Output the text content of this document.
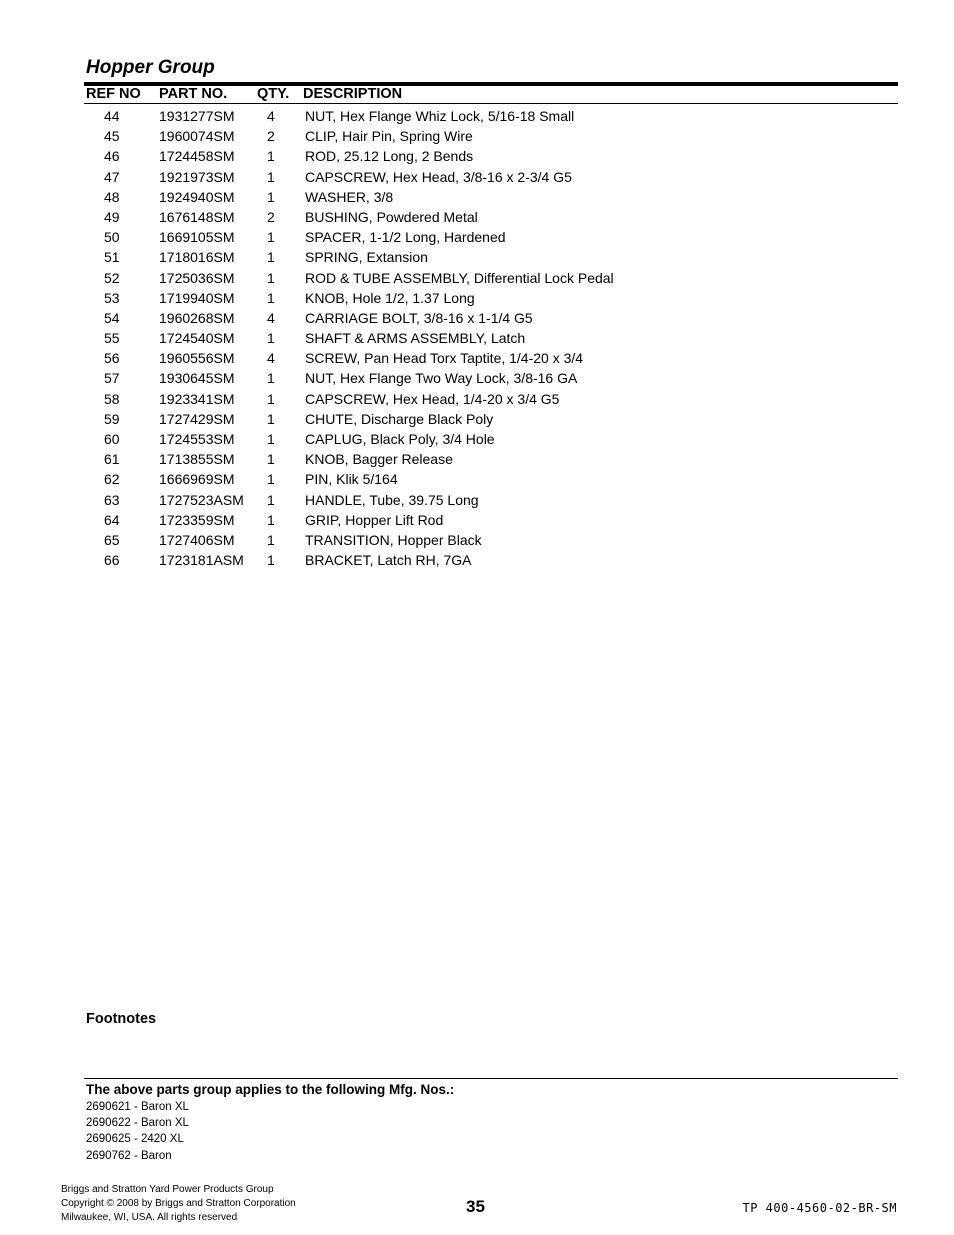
Hopper Group
REF NO PART NO. QTY. DESCRIPTION
44	1931277SM 4 NUT, Hex Flange Whiz Lock, 5/16-18 Small
45	1960074SM 2 CLIP, Hair Pin, Spring Wire
46	1724458SM 1 ROD, 25.12 Long, 2 Bends
47	1921973SM 1 CAPSCREW, Hex Head, 3/8-16 x 2-3/4 G5
48	1924940SM 1 WASHER, 3/8
49	1676148SM 2 BUSHING, Powdered Metal
50	1669105SM 1 SPACER, 1-1/2 Long, Hardened
51	1718016SM 1 SPRING, Extansion
52	1725036SM 1 ROD & TUBE ASSEMBLY, Differential Lock Pedal
53	1719940SM 1 KNOB, Hole 1/2, 1.37 Long
54	1960268SM 4 CARRIAGE BOLT, 3/8-16 x 1-1/4 G5
55	1724540SM 1 SHAFT & ARMS ASSEMBLY, Latch
56	1960556SM 4 SCREW, Pan Head Torx Taptite, 1/4-20 x 3/4
57	1930645SM 1 NUT, Hex Flange Two Way Lock, 3/8-16 GA
58	1923341SM 1 CAPSCREW, Hex Head, 1/4-20 x 3/4 G5
59	1727429SM 1 CHUTE, Discharge Black Poly
60	1724553SM 1 CAPLUG, Black Poly, 3/4 Hole
61	1713855SM 1 KNOB, Bagger Release
62	1666969SM 1 PIN, Klik 5/164
63	1727523ASM 1 HANDLE, Tube, 39.75 Long
64	1723359SM 1 GRIP, Hopper Lift Rod
65	1727406SM 1 TRANSITION, Hopper Black
66	1723181ASM 1 BRACKET, Latch RH, 7GA
Footnotes
The above parts group applies to the following Mfg. Nos.:
2690621 - Baron XL
2690622 - Baron XL
2690625 - 2420 XL
2690762 - Baron
Briggs and Stratton Yard Power Products Group
Copyright © 2008 by Briggs and Stratton Corporation
Milwaukee, WI, USA. All rights reserved
35	TP 400-4560-02-BR-SM
